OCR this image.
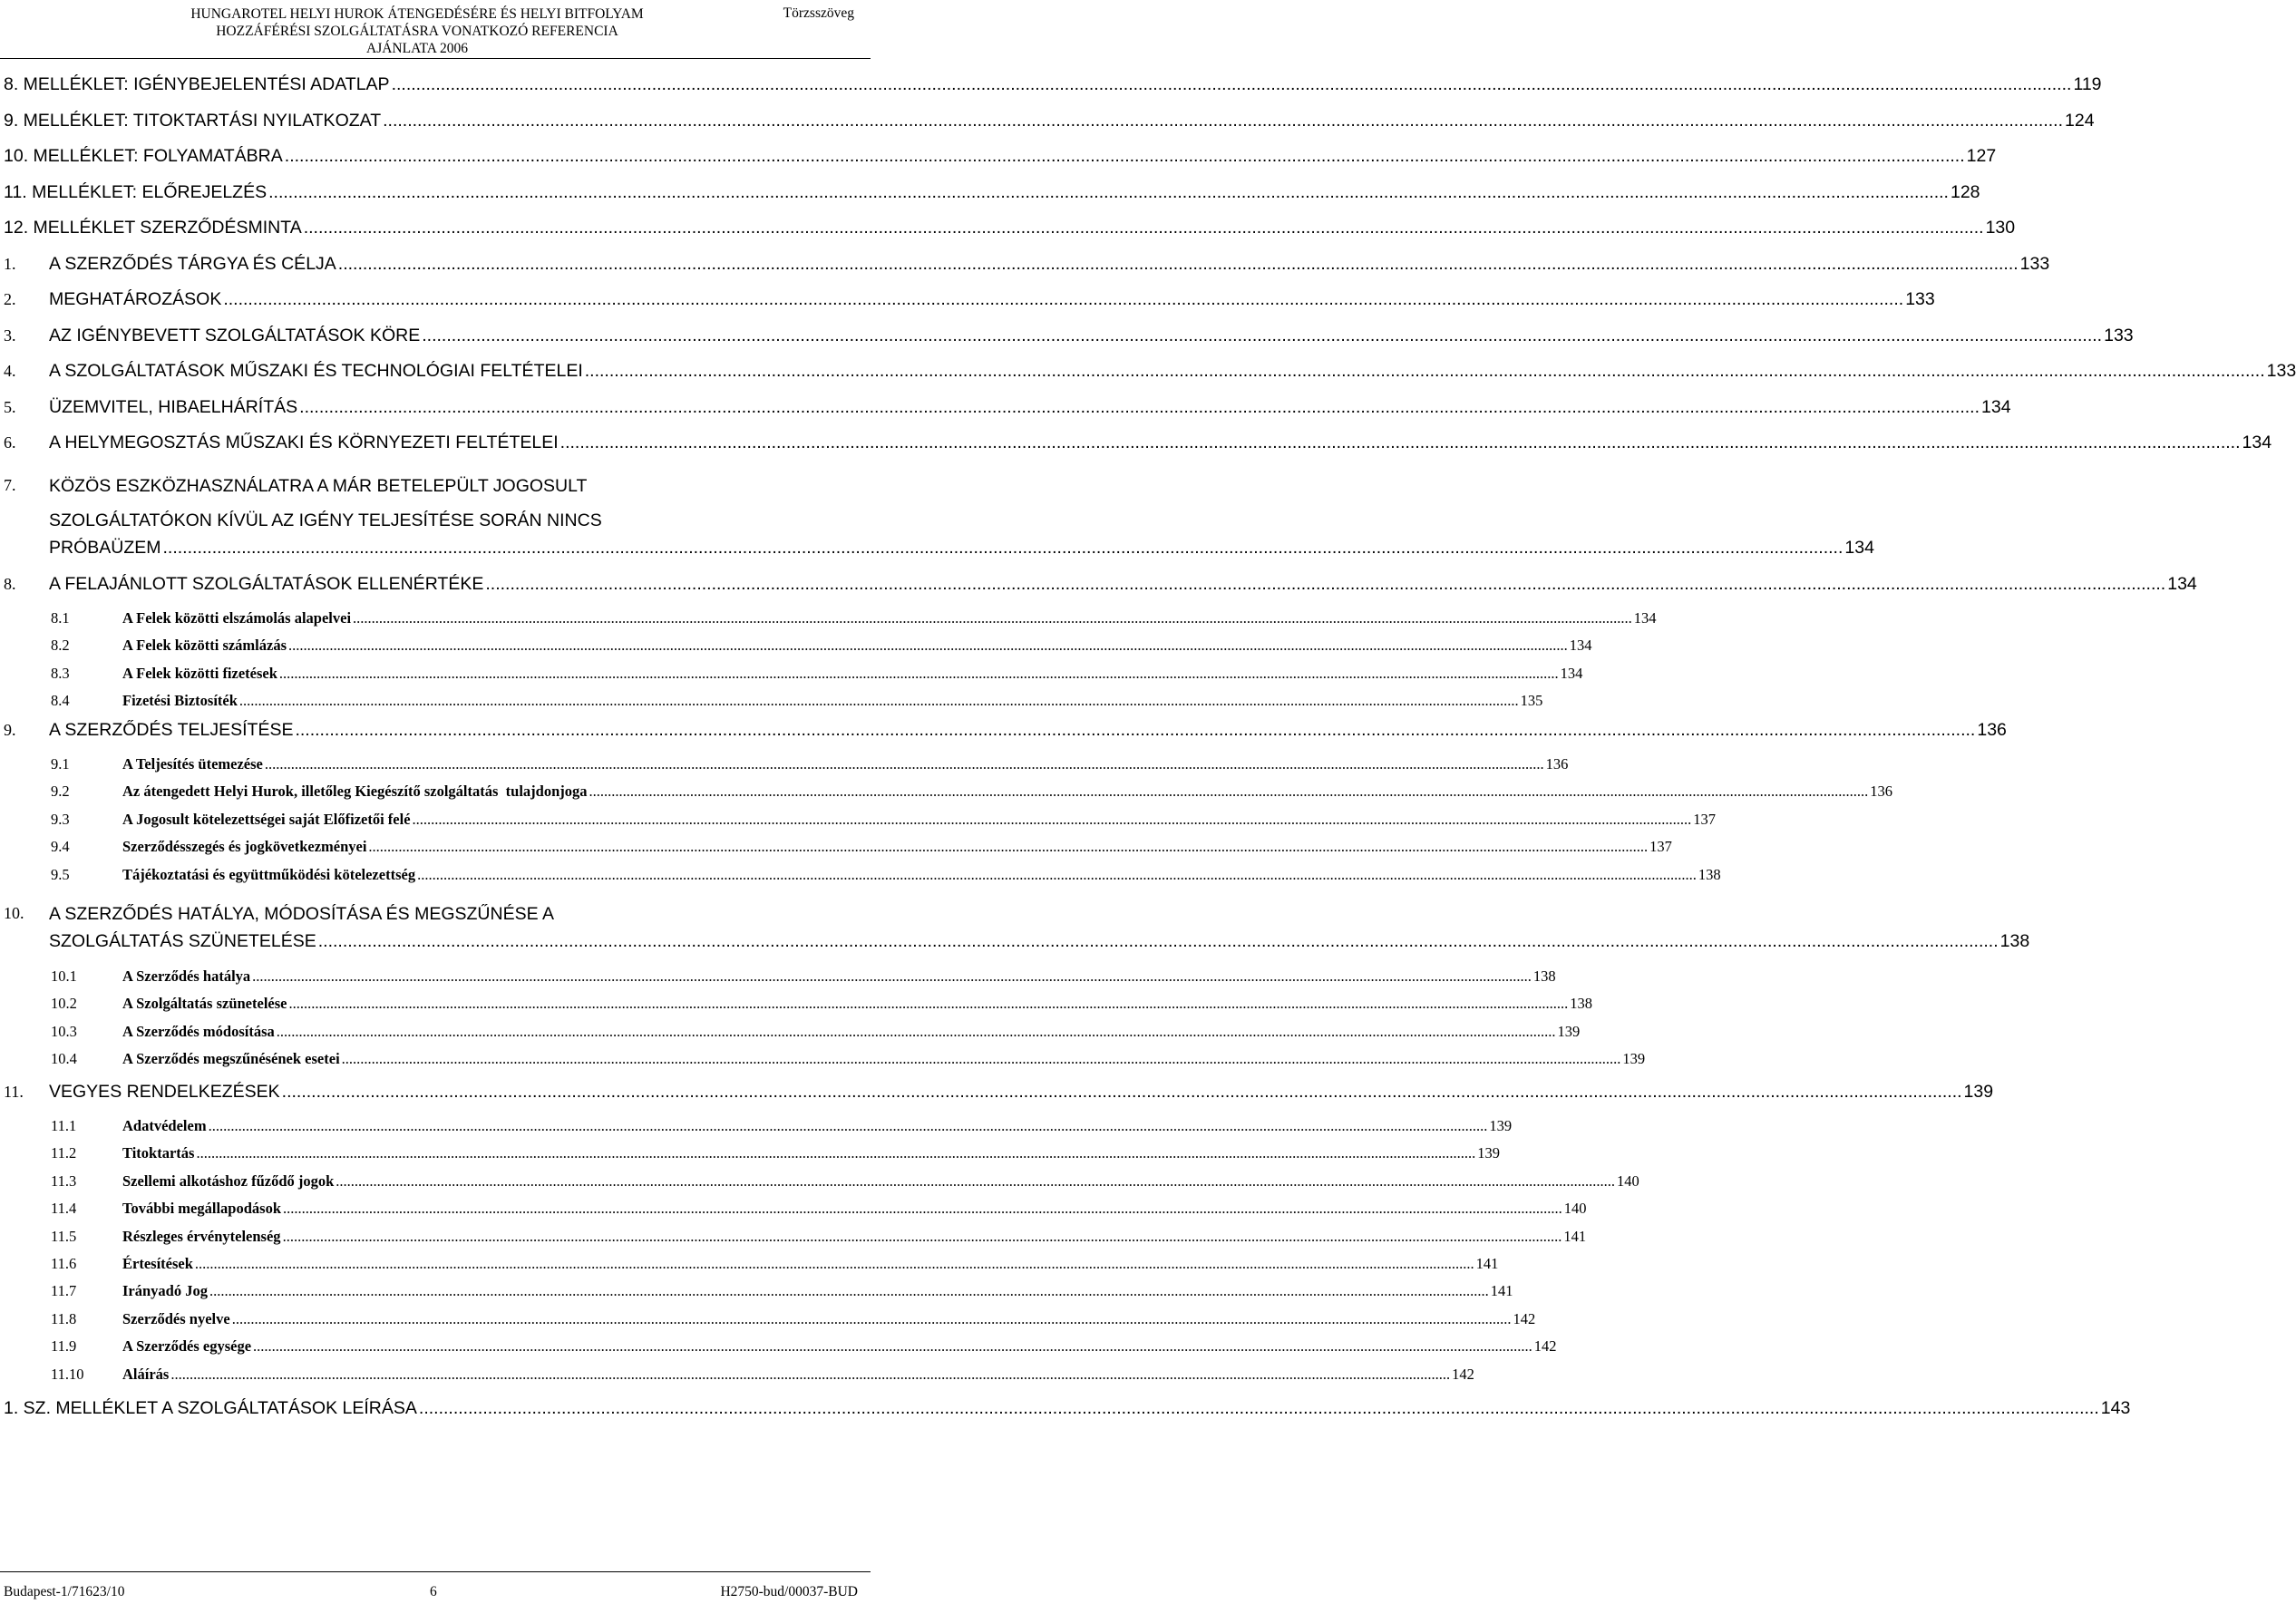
HUNGAROTEL HELYI HUROK ÁTENGEDÉSÉRE ÉS HELYI BITFOLYAM
HOZZÁFÉRÉSI SZOLGÁLTATÁSRA VONATKOZÓ REFERENCIA
AJÁNLATA 2006
Törzsszöveg
8. MELLÉKLET: IGÉNYBEJELENTÉSI ADATLAP .....	119
9. MELLÉKLET: TITOKTARTÁSI NYILATKOZAT .....	124
10. MELLÉKLET: FOLYAMATÁBRA .....	127
11. MELLÉKLET: ELŐREJELZÉS .....	128
12. MELLÉKLET SZERZŐDÉSMINTA .....	130
1.	A SZERZŐDÉS TÁRGYA ÉS CÉLJA .....	133
2.	MEGHATÁROZÁSOK .....	133
3.	AZ IGÉNYBEVETT SZOLGÁLTATÁSOK KÖRE .....	133
4.	A SZOLGÁLTATÁSOK MŰSZAKI ÉS TECHNOLÓGIAI FELTÉTELEI .....	133
5.	ÜZEMVITEL, HIBAELHÁRÍTÁS .....	134
6.	A HELYMEGOSZTÁS MŰSZAKI ÉS KÖRNYEZETI FELTÉTELEI .....	134
7.	KÖZÖS ESZKÖZHASZNÁLATRA A MÁR BETELEPÜLT JOGOSULT
SZOLGÁLTATÓKON KÍVÜL AZ IGÉNY TELJESÍTÉSE SORÁN NINCS
PRÓBAÜZEM .....	134
8.	A FELAJÁNLOTT SZOLGÁLTATÁSOK ELLENÉRTÉKE .....	134
8.1	A Felek közötti elszámolás alapelvei .....	134
8.2	A Felek közötti számlázás .....	134
8.3	A Felek közötti fizetések .....	134
8.4	Fizetési Biztosíték .....	135
9.	A SZERZŐDÉS TELJESÍTÉSE .....	136
9.1	A Teljesítés ütemezése .....	136
9.2	Az átengedett Helyi Hurok, illetőleg Kiegészítő szolgáltatás  tulajdonjoga .....	136
9.3	A Jogosult kötelezettségei saját Előfizetői felé .....	137
9.4	Szerződésszegés és jogkövetkezményei .....	137
9.5	Tájékoztatási és együttműködési kötelezettség .....	138
10.	A SZERZŐDÉS HATÁLYA, MÓDOSÍTÁSA ÉS MEGSZŰNÉSE A
SZOLGÁLTATÁS SZÜNETELÉSE .....	138
10.1	A Szerződés hatálya .....	138
10.2	A Szolgáltatás szünetelése .....	138
10.3	A Szerződés módosítása .....	139
10.4	A Szerződés megszűnésének esetei .....	139
11.	VEGYES RENDELKEZÉSEK .....	139
11.1	Adatvédelem .....	139
11.2	Titoktartás .....	139
11.3	Szellemi alkotáshoz fűződő jogok .....	140
11.4	További megállapodások .....	140
11.5	Részleges érvénytelenség .....	141
11.6	Értesítések .....	141
11.7	Irányadó Jog .....	141
11.8	Szerződés nyelve .....	142
11.9	A Szerződés egysége .....	142
11.10	Aláírás .....	142
1. SZ. MELLÉKLET A SZOLGÁLTATÁSOK LEÍRÁSA .....	143
Budapest-1/71623/10	6	H2750-bud/00037-BUD
